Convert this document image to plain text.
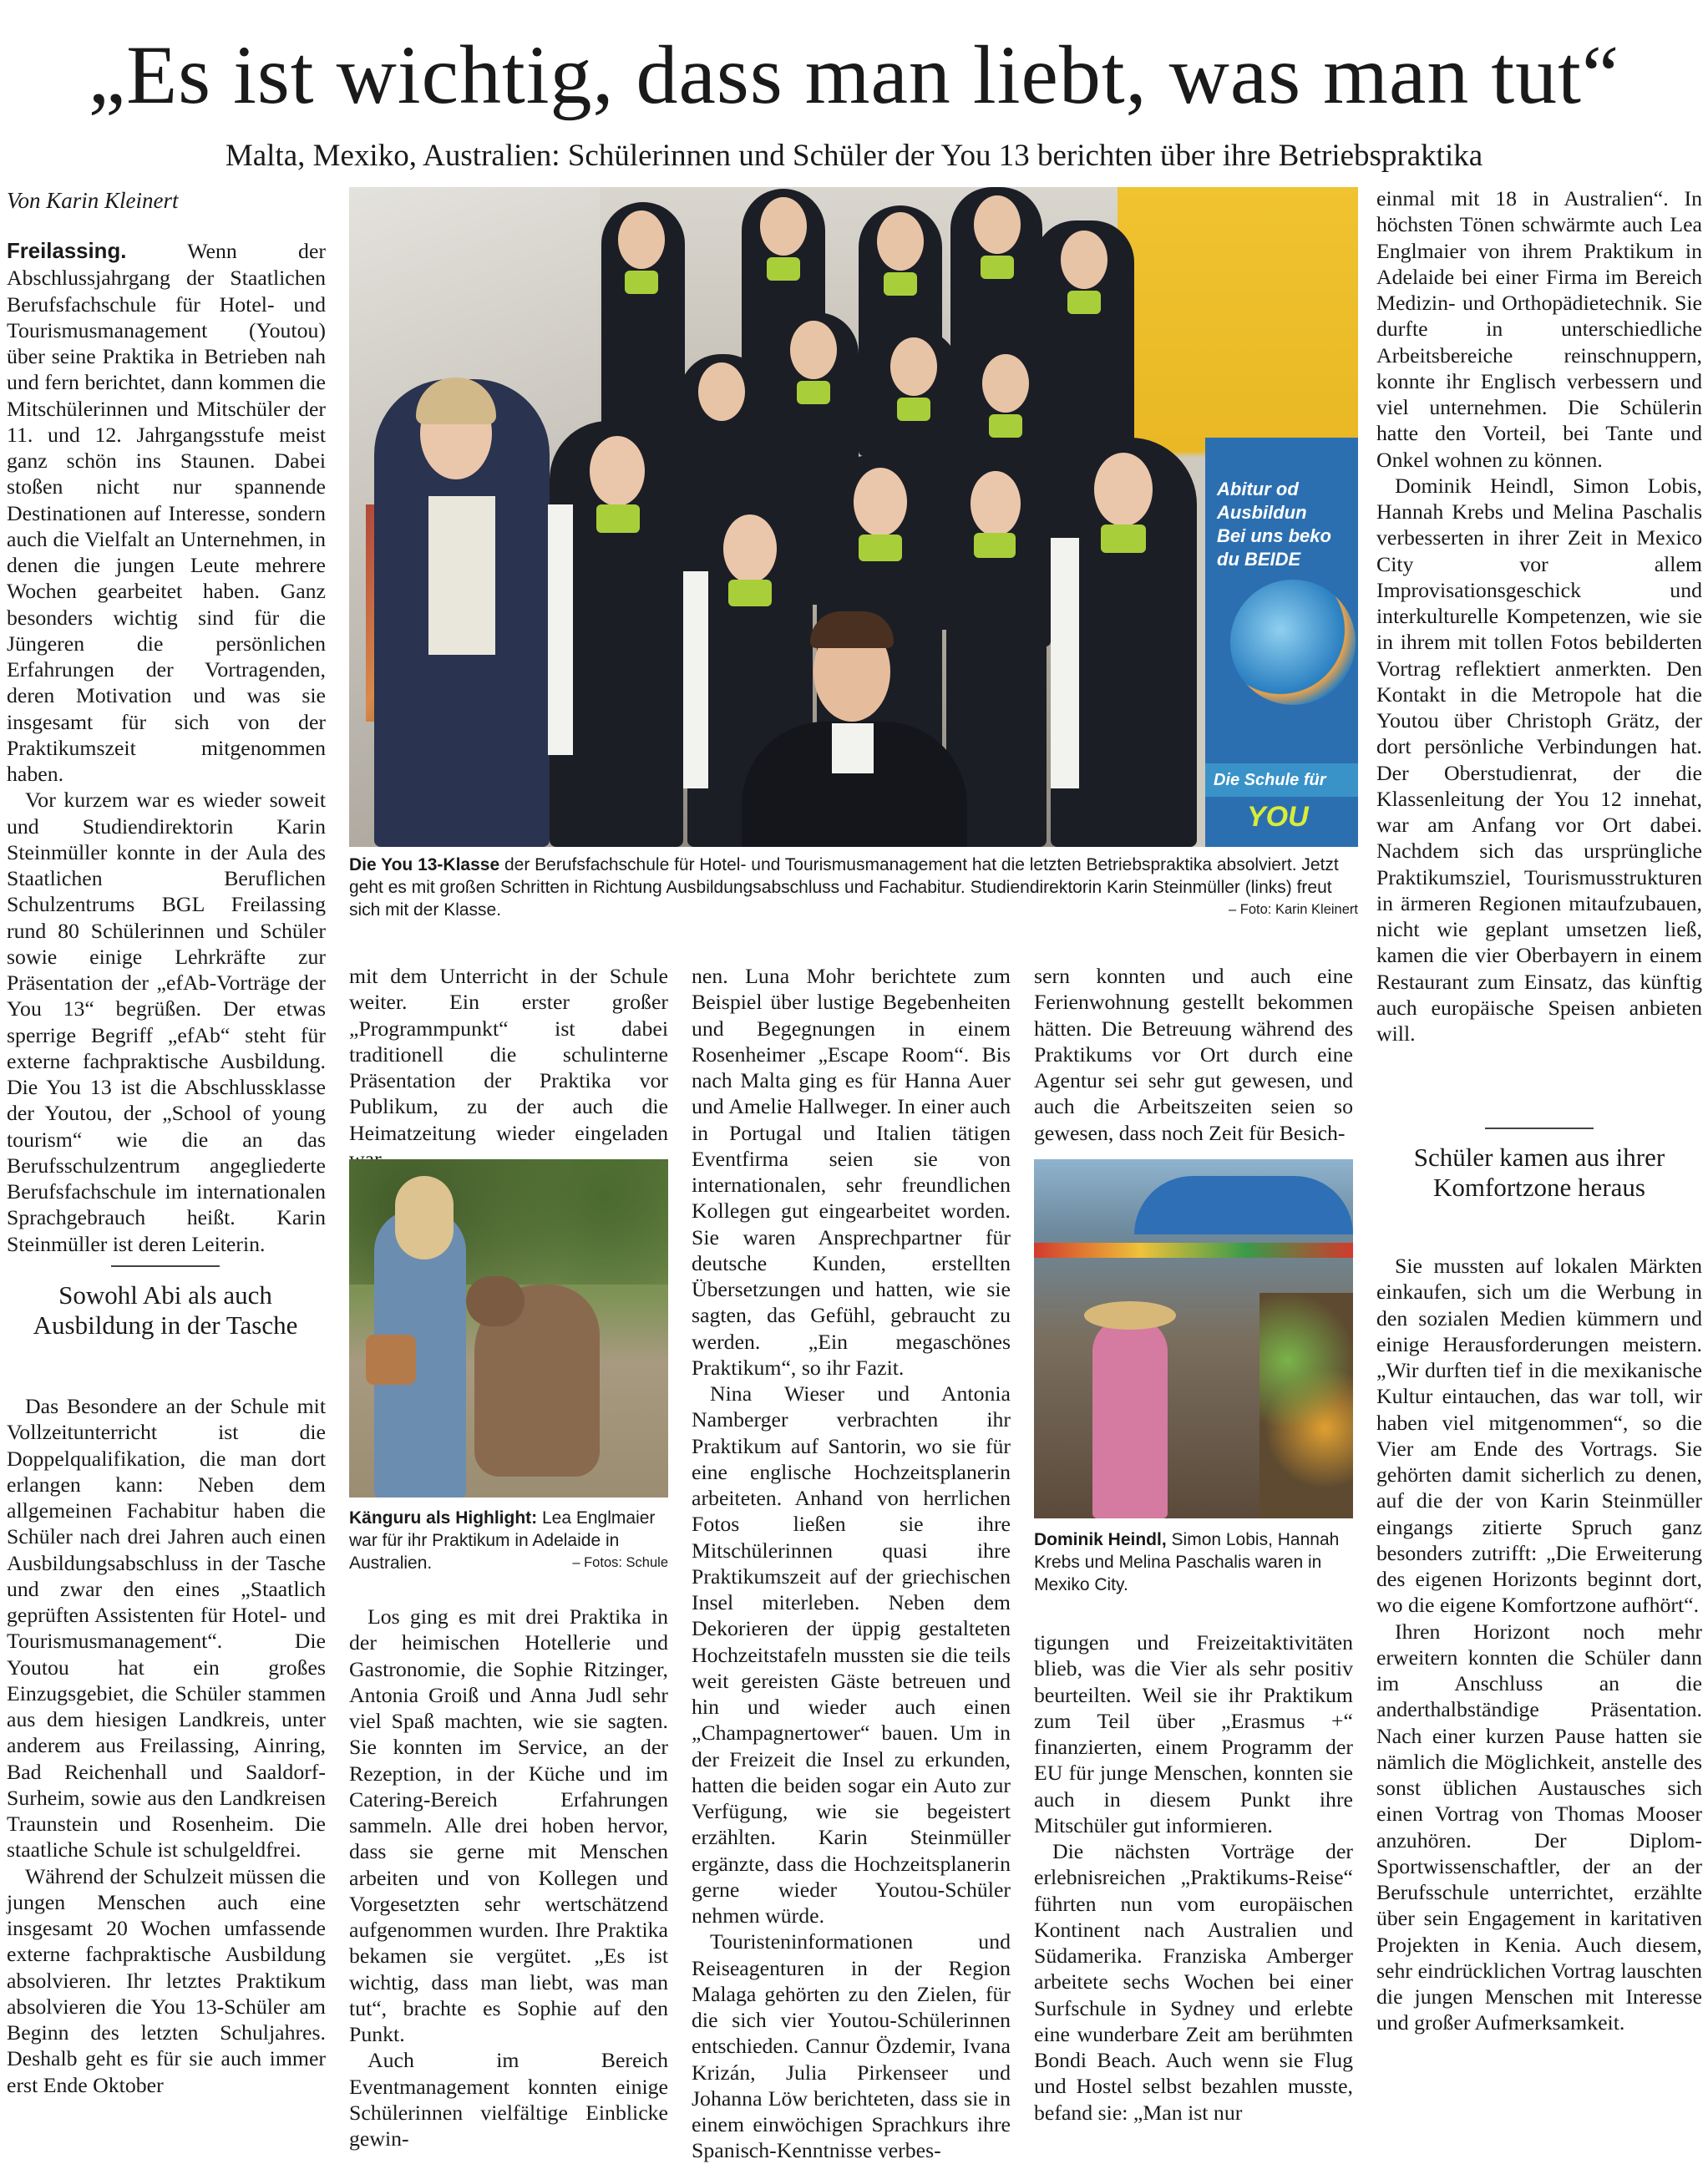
„Es ist wichtig, dass man liebt, was man tut“
Malta, Mexiko, Australien: Schülerinnen und Schüler der You 13 berichten über ihre Betriebspraktika
Von Karin Kleinert

Freilassing. Wenn der Abschlussjahrgang der Staatlichen Berufsfachschule für Hotel- und Tourismusmanagement (Youtou) über seine Praktika in Betrieben nah und fern berichtet, dann kommen die Mitschülerinnen und Mitschüler der 11. und 12. Jahrgangsstufe meist ganz schön ins Staunen. Dabei stoßen nicht nur spannende Destinationen auf Interesse, sondern auch die Vielfalt an Unternehmen, in denen die jungen Leute mehrere Wochen gearbeitet haben. Ganz besonders wichtig sind für die Jüngeren die persönlichen Erfahrungen der Vortragenden, deren Motivation und was sie insgesamt für sich von der Praktikumszeit mitgenommen haben.

Vor kurzem war es wieder soweit und Studiendirektorin Karin Steinmüller konnte in der Aula des Staatlichen Beruflichen Schulzentrums BGL Freilassing rund 80 Schülerinnen und Schüler sowie einige Lehrkräfte zur Präsentation der „efAb-Vorträge der You 13“ begrüßen. Der etwas sperrige Begriff „efAb“ steht für externe fachpraktische Ausbildung. Die You 13 ist die Abschlussklasse der Youtou, der „School of young tourism“ wie die an das Berufsschulzentrum angegliederte Berufsfachschule im internationalen Sprachgebrauch heißt. Karin Steinmüller ist deren Leiterin.

Sowohl Abi als auch Ausbildung in der Tasche

Das Besondere an der Schule mit Vollzeitunterricht ist die Doppelqualifikation, die man dort erlangen kann: Neben dem allgemeinen Fachabitur haben die Schüler nach drei Jahren auch einen Ausbildungsabschluss in der Tasche und zwar den eines „Staatlich geprüften Assistenten für Hotel- und Tourismusmanagement“. Die Youtou hat ein großes Einzugsgebiet, die Schüler stammen aus dem hiesigen Landkreis, unter anderem aus Freilassing, Ainring, Bad Reichenhall und Saaldorf-Surheim, sowie aus den Landkreisen Traunstein und Rosenheim. Die staatliche Schule ist schulgeldfrei.

Während der Schulzeit müssen die jungen Menschen auch eine insgesamt 20 Wochen umfassende externe fachpraktische Ausbildung absolvieren. Ihr letztes Praktikum absolvieren die You 13-Schüler am Beginn des letzten Schuljahres. Deshalb geht es für sie auch immer erst Ende Oktober

Abitur od
Ausbildun
Bei uns beko
du BEIDE

Die Schule für

YOU

Die You 13-Klasse der Berufsfachschule für Hotel- und Tourismusmanagement hat die letzten Betriebspraktika absolviert. Jetzt geht es mit großen Schritten in Richtung Ausbildungsabschluss und Fachabitur. Studiendirektorin Karin Steinmüller (links) freut sich mit der Klasse.	– Foto: Karin Kleinert

mit dem Unterricht in der Schule weiter. Ein erster großer „Programmpunkt“ ist dabei traditionell die schulinterne Präsentation der Praktika vor Publikum, zu der auch die Heimatzeitung wieder eingeladen

Känguru als Highlight: Lea Englmaier war für ihr Praktikum in Adelaide in Australien.	– Fotos: Schule

Los ging es mit drei Praktika in der heimischen Hotellerie und Gastronomie, die Sophie Ritzinger, Antonia Groiß und Anna Judl sehr viel Spaß machten, wie sie sagten. Sie konnten im Service, an der Rezeption, in der Küche und im Catering-Bereich Erfahrungen sammeln. Alle drei hoben hervor, dass sie gerne mit Menschen arbeiten und von Kollegen und Vorgesetzten sehr wertschätzend aufgenommen wurden. Ihre Praktika bekamen sie vergütet. „Es ist wichtig, dass man liebt, was man tut“, brachte es Sophie auf den Punkt.

Auch im Bereich Eventmanagement konnten einige Schülerinnen vielfältige Einblicke gewin-

nen. Luna Mohr berichtete zum Beispiel über lustige Begebenheiten und Begegnungen in einem Rosenheimer „Escape Room“. Bis nach Malta ging es für Hanna Auer und Amelie Hallweger. In einer auch in Portugal und Italien tätigen Eventfirma seien sie von internationalen, sehr freundlichen Kollegen gut eingearbeitet worden. Sie waren Ansprechpartner für deutsche Kunden, erstellten Übersetzungen und hatten, wie sie sagten, das Gefühl, gebraucht zu werden. „Ein megaschönes Praktikum“, so ihr Fazit.

Nina Wieser und Antonia Namberger verbrachten ihr Praktikum auf Santorin, wo sie für eine englische Hochzeitsplanerin arbeiteten. Anhand von herrlichen Fotos ließen sie ihre Mitschülerinnen quasi ihre Praktikumszeit auf der griechischen Insel miterleben. Neben dem Dekorieren der üppig gestalteten Hochzeitstafeln mussten sie die teils weit gereisten Gäste betreuen und hin und wieder auch einen „Champagnertower“ bauen. Um in der Freizeit die Insel zu erkunden, hatten die beiden sogar ein Auto zur Verfügung, wie sie begeistert erzählten. Karin Steinmüller ergänzte, dass die Hochzeitsplanerin gerne wieder Youtou-Schüler nehmen würde.

Touristeninformationen und Reiseagenturen in der Region Malaga gehörten zu den Zielen, für die sich vier Youtou-Schülerinnen entschieden. Cannur Özdemir, Ivana Krizán, Julia Pirkenseer und Johanna Löw berichteten, dass sie in einem einwöchigen Sprachkurs ihre Spanisch-Kenntnisse verbes-

sern konnten und auch eine Ferienwohnung gestellt bekommen hätten. Die Betreuung während des Praktikums vor Ort durch eine Agentur sei sehr gut gewesen, und auch die Arbeitszeiten seien so gewesen, dass noch Zeit für Besich-

Dominik Heindl, Simon Lobis, Hannah Krebs und Melina Paschalis waren in Mexiko City.

tigungen und Freizeitaktivitäten blieb, was die Vier als sehr positiv beurteilten. Weil sie ihr Praktikum zum Teil über „Erasmus +“ finanzierten, einem Programm der EU für junge Menschen, konnten sie auch in diesem Punkt ihre Mitschüler gut informieren.

Die nächsten Vorträge der erlebnisreichen „Praktikums-Reise“ führten nun vom europäischen Kontinent nach Australien und Südamerika. Franziska Amberger arbeitete sechs Wochen bei einer Surfschule in Sydney und erlebte eine wunderbare Zeit am berühmten Bondi Beach. Auch wenn sie Flug und Hostel selbst bezahlen musste, befand sie: „Man ist nur

einmal mit 18 in Australien“. In höchsten Tönen schwärmte auch Lea Englmaier von ihrem Praktikum in Adelaide bei einer Firma im Bereich Medizin- und Orthopädietechnik. Sie durfte in unterschiedliche Arbeitsbereiche reinschnuppern, konnte ihr Englisch verbessern und viel unternehmen. Die Schülerin hatte den Vorteil, bei Tante und Onkel wohnen zu können.

Dominik Heindl, Simon Lobis, Hannah Krebs und Melina Paschalis verbesserten in ihrer Zeit in Mexico City vor allem Improvisationsgeschick und interkulturelle Kompetenzen, wie sie in ihrem mit tollen Fotos bebilderten Vortrag reflektiert anmerkten. Den Kontakt in die Metropole hat die Youtou über Christoph Grätz, der dort persönliche Verbindungen hat. Der Oberstudienrat, der die Klassenleitung der You 12 innehat, war am Anfang vor Ort dabei. Nachdem sich das ursprüngliche Praktikumsziel, Tourismusstrukturen in ärmeren Regionen mitaufzubauen, nicht wie geplant umsetzen ließ, kamen die vier Oberbayern in einem Restaurant zum Einsatz, das künftig auch europäische Speisen anbieten will.

Schüler kamen aus ihrer Komfortzone heraus

Sie mussten auf lokalen Märkten einkaufen, sich um die Werbung in den sozialen Medien kümmern und einige Herausforderungen meistern. „Wir durften tief in die mexikanische Kultur eintauchen, das war toll, wir haben viel mitgenommen“, so die Vier am Ende des Vortrags. Sie gehörten damit sicherlich zu denen, auf die der von Karin Steinmüller eingangs zitierte Spruch ganz besonders zutrifft: „Die Erweiterung des eigenen Horizonts beginnt dort, wo die eigene Komfortzone aufhört“.

Ihren Horizont noch mehr erweitern konnten die Schüler dann im Anschluss an die anderthalbständige Präsentation. Nach einer kurzen Pause hatten sie nämlich die Möglichkeit, anstelle des sonst üblichen Austausches sich einen Vortrag von Thomas Mooser anzuhören. Der Diplom-Sportwissenschaftler, der an der Berufsschule unterrichtet, erzählte über sein Engagement in karitativen Projekten in Kenia. Auch diesem, sehr eindrücklichen Vortrag lauschten die jungen Menschen mit Interesse und großer Aufmerksamkeit.
